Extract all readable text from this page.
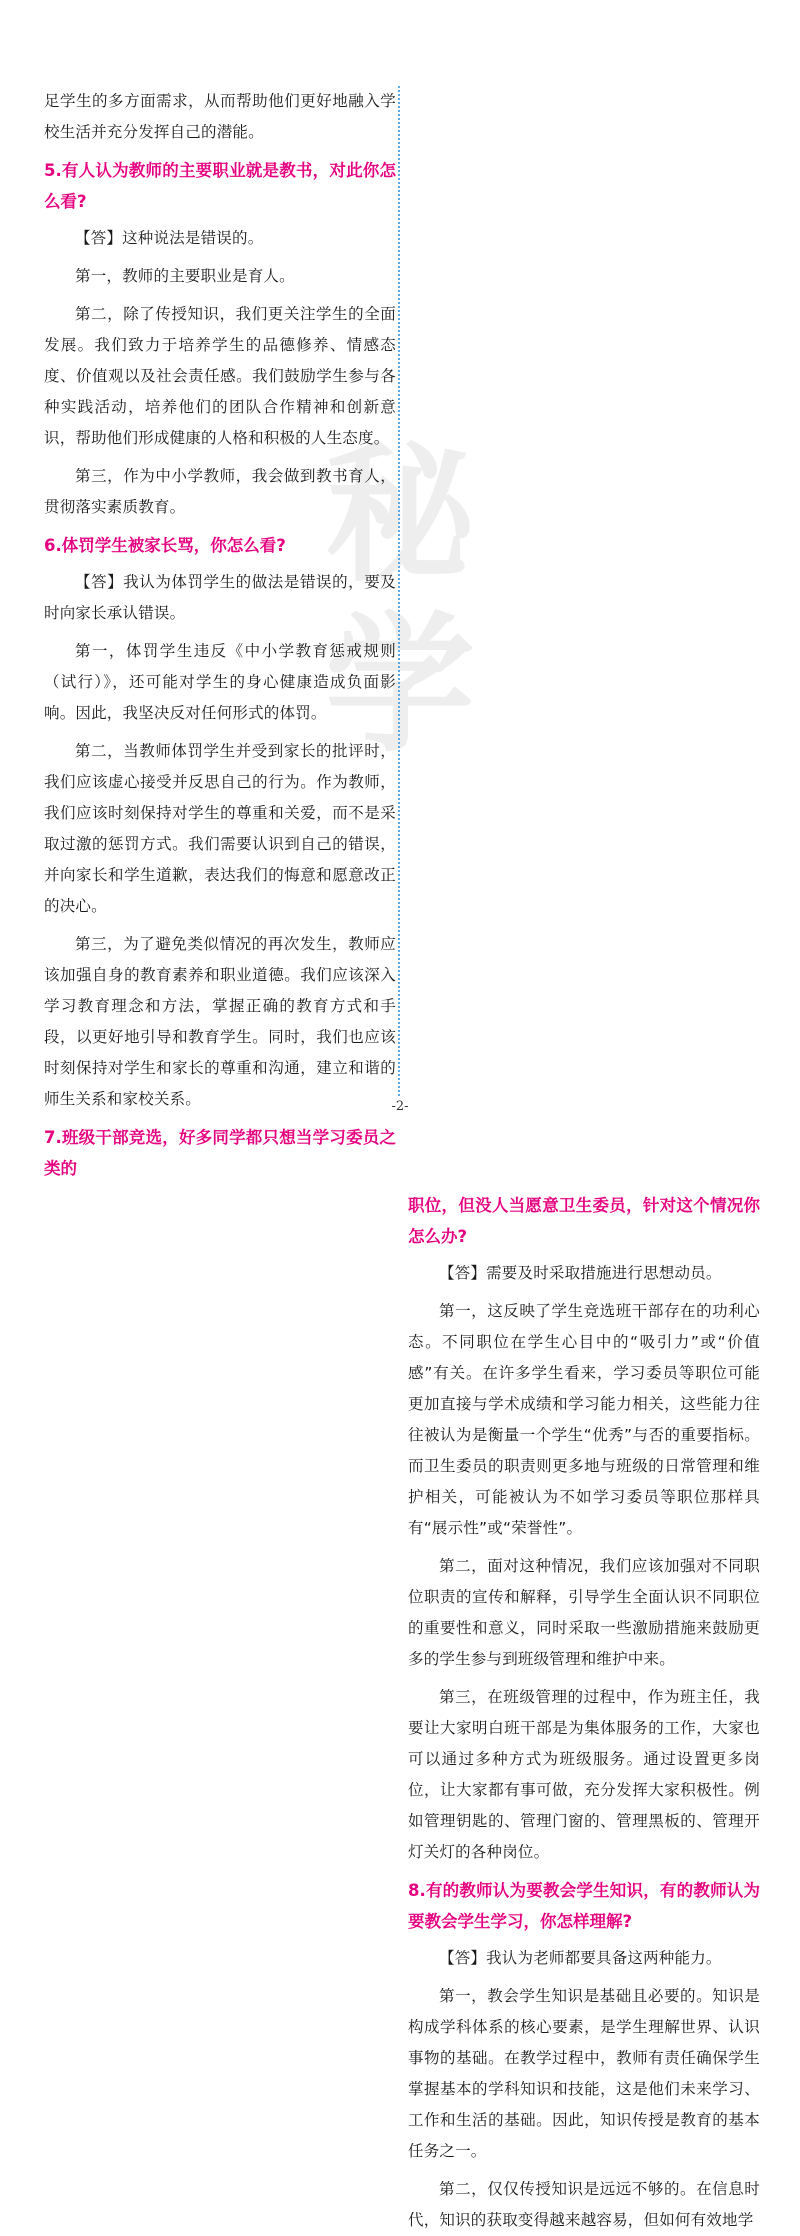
秘
学

足学生的多方面需求，从而帮助他们更好地融入学校生活并充分发挥自己的潜能。

5.有人认为教师的主要职业就是教书，对此你怎么看?

【答】这种说法是错误的。

第一，教师的主要职业是育人。

第二，除了传授知识，我们更关注学生的全面发展。我们致力于培养学生的品德修养、情感态度、价值观以及社会责任感。我们鼓励学生参与各种实践活动，培养他们的团队合作精神和创新意识，帮助他们形成健康的人格和积极的人生态度。

第三，作为中小学教师，我会做到教书育人，贯彻落实素质教育。

6.体罚学生被家长骂，你怎么看?

【答】我认为体罚学生的做法是错误的，要及时向家长承认错误。

第一，体罚学生违反《中小学教育惩戒规则（试行）》，还可能对学生的身心健康造成负面影响。因此，我坚决反对任何形式的体罚。

第二，当教师体罚学生并受到家长的批评时，我们应该虚心接受并反思自己的行为。作为教师，我们应该时刻保持对学生的尊重和关爱，而不是采取过激的惩罚方式。我们需要认识到自己的错误，并向家长和学生道歉，表达我们的悔意和愿意改正的决心。

第三，为了避免类似情况的再次发生，教师应该加强自身的教育素养和职业道德。我们应该深入学习教育理念和方法，掌握正确的教育方式和手段，以更好地引导和教育学生。同时，我们也应该时刻保持对学生和家长的尊重和沟通，建立和谐的师生关系和家校关系。

7.班级干部竞选，好多同学都只想当学习委员之类的
职位，但没人当愿意卫生委员，针对这个情况你怎么办?

【答】需要及时采取措施进行思想动员。

第一，这反映了学生竞选班干部存在的功利心态。不同职位在学生心目中的“吸引力”或“价值感”有关。在许多学生看来，学习委员等职位可能更加直接与学术成绩和学习能力相关，这些能力往往被认为是衡量一个学生“优秀”与否的重要指标。而卫生委员的职责则更多地与班级的日常管理和维护相关，可能被认为不如学习委员等职位那样具有“展示性”或“荣誉性”。

第二，面对这种情况，我们应该加强对不同职位职责的宣传和解释，引导学生全面认识不同职位的重要性和意义，同时采取一些激励措施来鼓励更多的学生参与到班级管理和维护中来。

第三，在班级管理的过程中，作为班主任，我要让大家明白班干部是为集体服务的工作，大家也可以通过多种方式为班级服务。通过设置更多岗位，让大家都有事可做，充分发挥大家积极性。例如管理钥匙的、管理门窗的、管理黑板的、管理开灯关灯的各种岗位。

8.有的教师认为要教会学生知识，有的教师认为要教会学生学习，你怎样理解?

【答】我认为老师都要具备这两种能力。

第一，教会学生知识是基础且必要的。知识是构成学科体系的核心要素，是学生理解世界、认识事物的基础。在教学过程中，教师有责任确保学生掌握基本的学科知识和技能，这是他们未来学习、工作和生活的基础。因此，知识传授是教育的基本任务之一。

第二，仅仅传授知识是远远不够的。在信息时代，知识的获取变得越来越容易，但如何有效地学

-2-
